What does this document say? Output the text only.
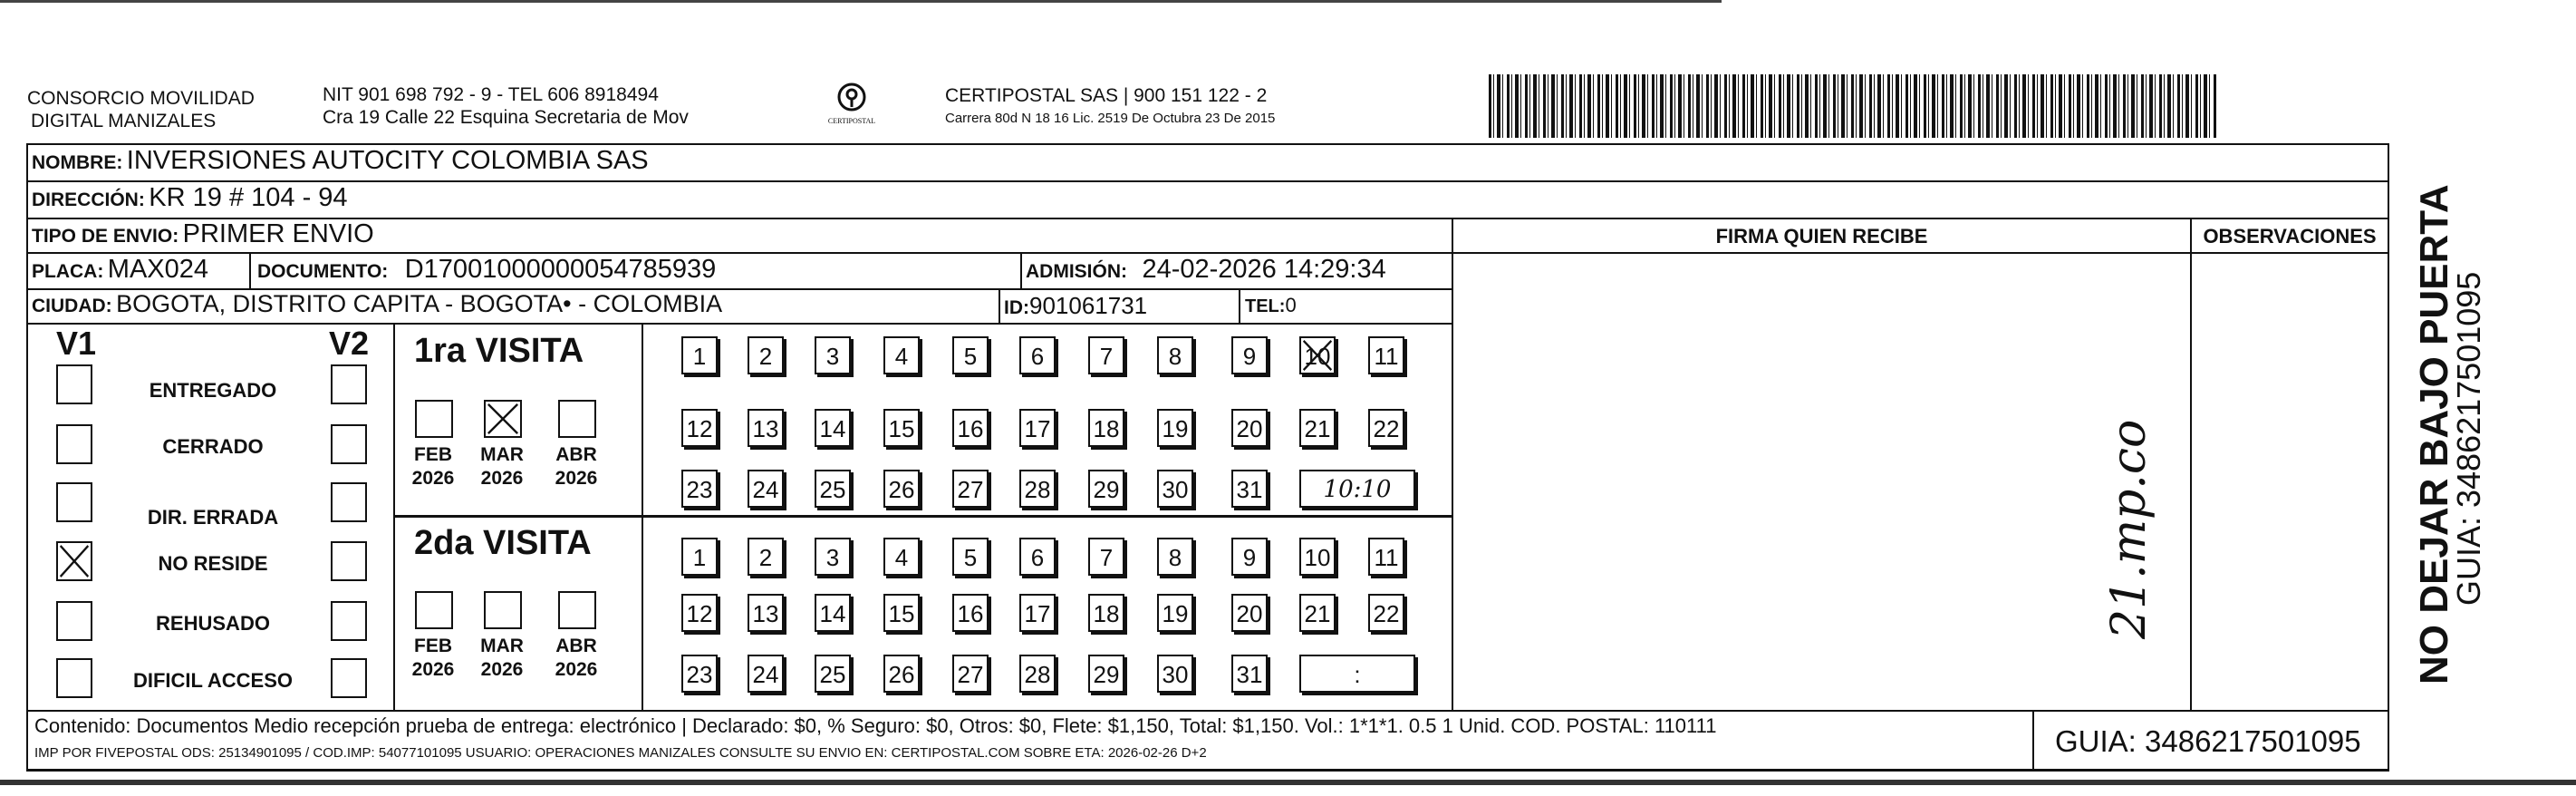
CONSORCIO MOVILIDAD
DIGITAL MANIZALES
NIT 901 698 792 - 9 - TEL 606 8918494
Cra 19 Calle 22 Esquina Secretaria de Mov	CERTIPOSTAL
CERTIPOSTAL SAS | 900 151 122 - 2
Carrera 80d N 18 16 Lic. 2519 De Octubra 23 De 2015
NOMBRE: INVERSIONES AUTOCITY COLOMBIA SAS
DIRECCIÓN: KR 19 # 104 - 94
TIPO DE ENVIO: PRIMER ENVIO
PLACA: MAX024	DOCUMENTO: D17001000000054785939	ADMISIÓN: 24-02-2026 14:29:34
CIUDAD: BOGOTA, DISTRITO CAPITA - BOGOTA• - COLOMBIA	ID:901061731	TEL:0
FIRMA QUIEN RECIBE	OBSERVACIONES
V1	V2
ENTREGADO
CERRADO
DIR. ERRADA
NO RESIDE
REHUSADO
DIFICIL ACCESO
1ra VISITA
FEB
2026
MAR
2026
ABR
2026
1	2	3	4	5	6	7	8	9	10 11
12 13 14 15 16 17 18 19 20 21 22
23 24 25 26 27 28 29 30 31	10:10
2da VISITA
FEB
2026
MAR
2026
ABR
2026
1	2	3	4	5	6	7	8	9	10 11
12 13 14 15 16 17 18 19 20 21 22
23 24 25 26 27 28 29 30 31	:
21.mp.co
Contenido: Documentos Medio recepción prueba de entrega: electrónico | Declarado: $0, % Seguro: $0, Otros: $0, Flete: $1,150, Total: $1,150. Vol.: 1*1*1. 0.5 1 Unid. COD. POSTAL: 110111
IMP POR FIVEPOSTAL ODS: 25134901095 / COD.IMP: 54077101095 USUARIO: OPERACIONES MANIZALES CONSULTE SU ENVIO EN: CERTIPOSTAL.COM SOBRE ETA: 2026-02-26 D+2	GUIA: 3486217501095
NO DEJAR BAJO PUERTA
GUIA: 3486217501095
